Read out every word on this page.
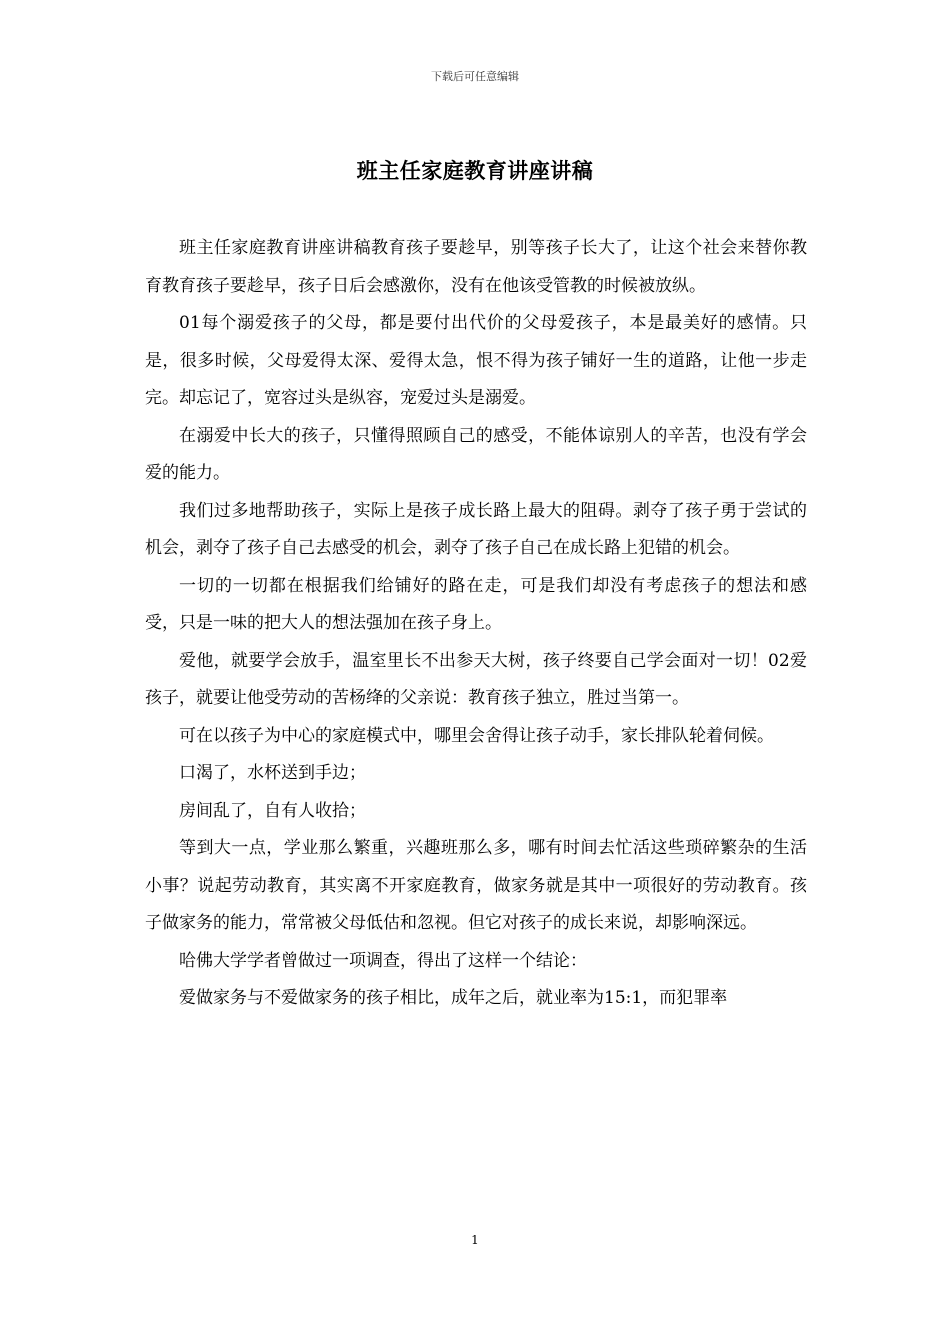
下载后可任意编辑
班主任家庭教育讲座讲稿

班主任家庭教育讲座讲稿教育孩子要趁早，别等孩子长大了，让这个社会来替你教育教育孩子要趁早，孩子日后会感激你，没有在他该受管教的时候被放纵。

01每个溺爱孩子的父母，都是要付出代价的父母爱孩子，本是最美好的感情。只是，很多时候，父母爱得太深、爱得太急，恨不得为孩子铺好一生的道路，让他一步走完。却忘记了，宽容过头是纵容，宠爱过头是溺爱。

在溺爱中长大的孩子，只懂得照顾自己的感受，不能体谅别人的辛苦，也没有学会爱的能力。

我们过多地帮助孩子，实际上是孩子成长路上最大的阻碍。剥夺了孩子勇于尝试的机会，剥夺了孩子自己去感受的机会，剥夺了孩子自己在成长路上犯错的机会。

一切的一切都在根据我们给铺好的路在走，可是我们却没有考虑孩子的想法和感受，只是一味的把大人的想法强加在孩子身上。

爱他，就要学会放手，温室里长不出参天大树，孩子终要自己学会面对一切！02爱孩子，就要让他受劳动的苦杨绛的父亲说：教育孩子独立，胜过当第一。

可在以孩子为中心的家庭模式中，哪里会舍得让孩子动手，家长排队轮着伺候。

口渴了，水杯送到手边；

房间乱了，自有人收拾；

等到大一点，学业那么繁重，兴趣班那么多，哪有时间去忙活这些琐碎繁杂的生活小事？说起劳动教育，其实离不开家庭教育，做家务就是其中一项很好的劳动教育。孩子做家务的能力，常常被父母低估和忽视。但它对孩子的成长来说，却影响深远。

哈佛大学学者曾做过一项调查，得出了这样一个结论：

爱做家务与不爱做家务的孩子相比，成年之后，就业率为15:1，而犯罪率

1
